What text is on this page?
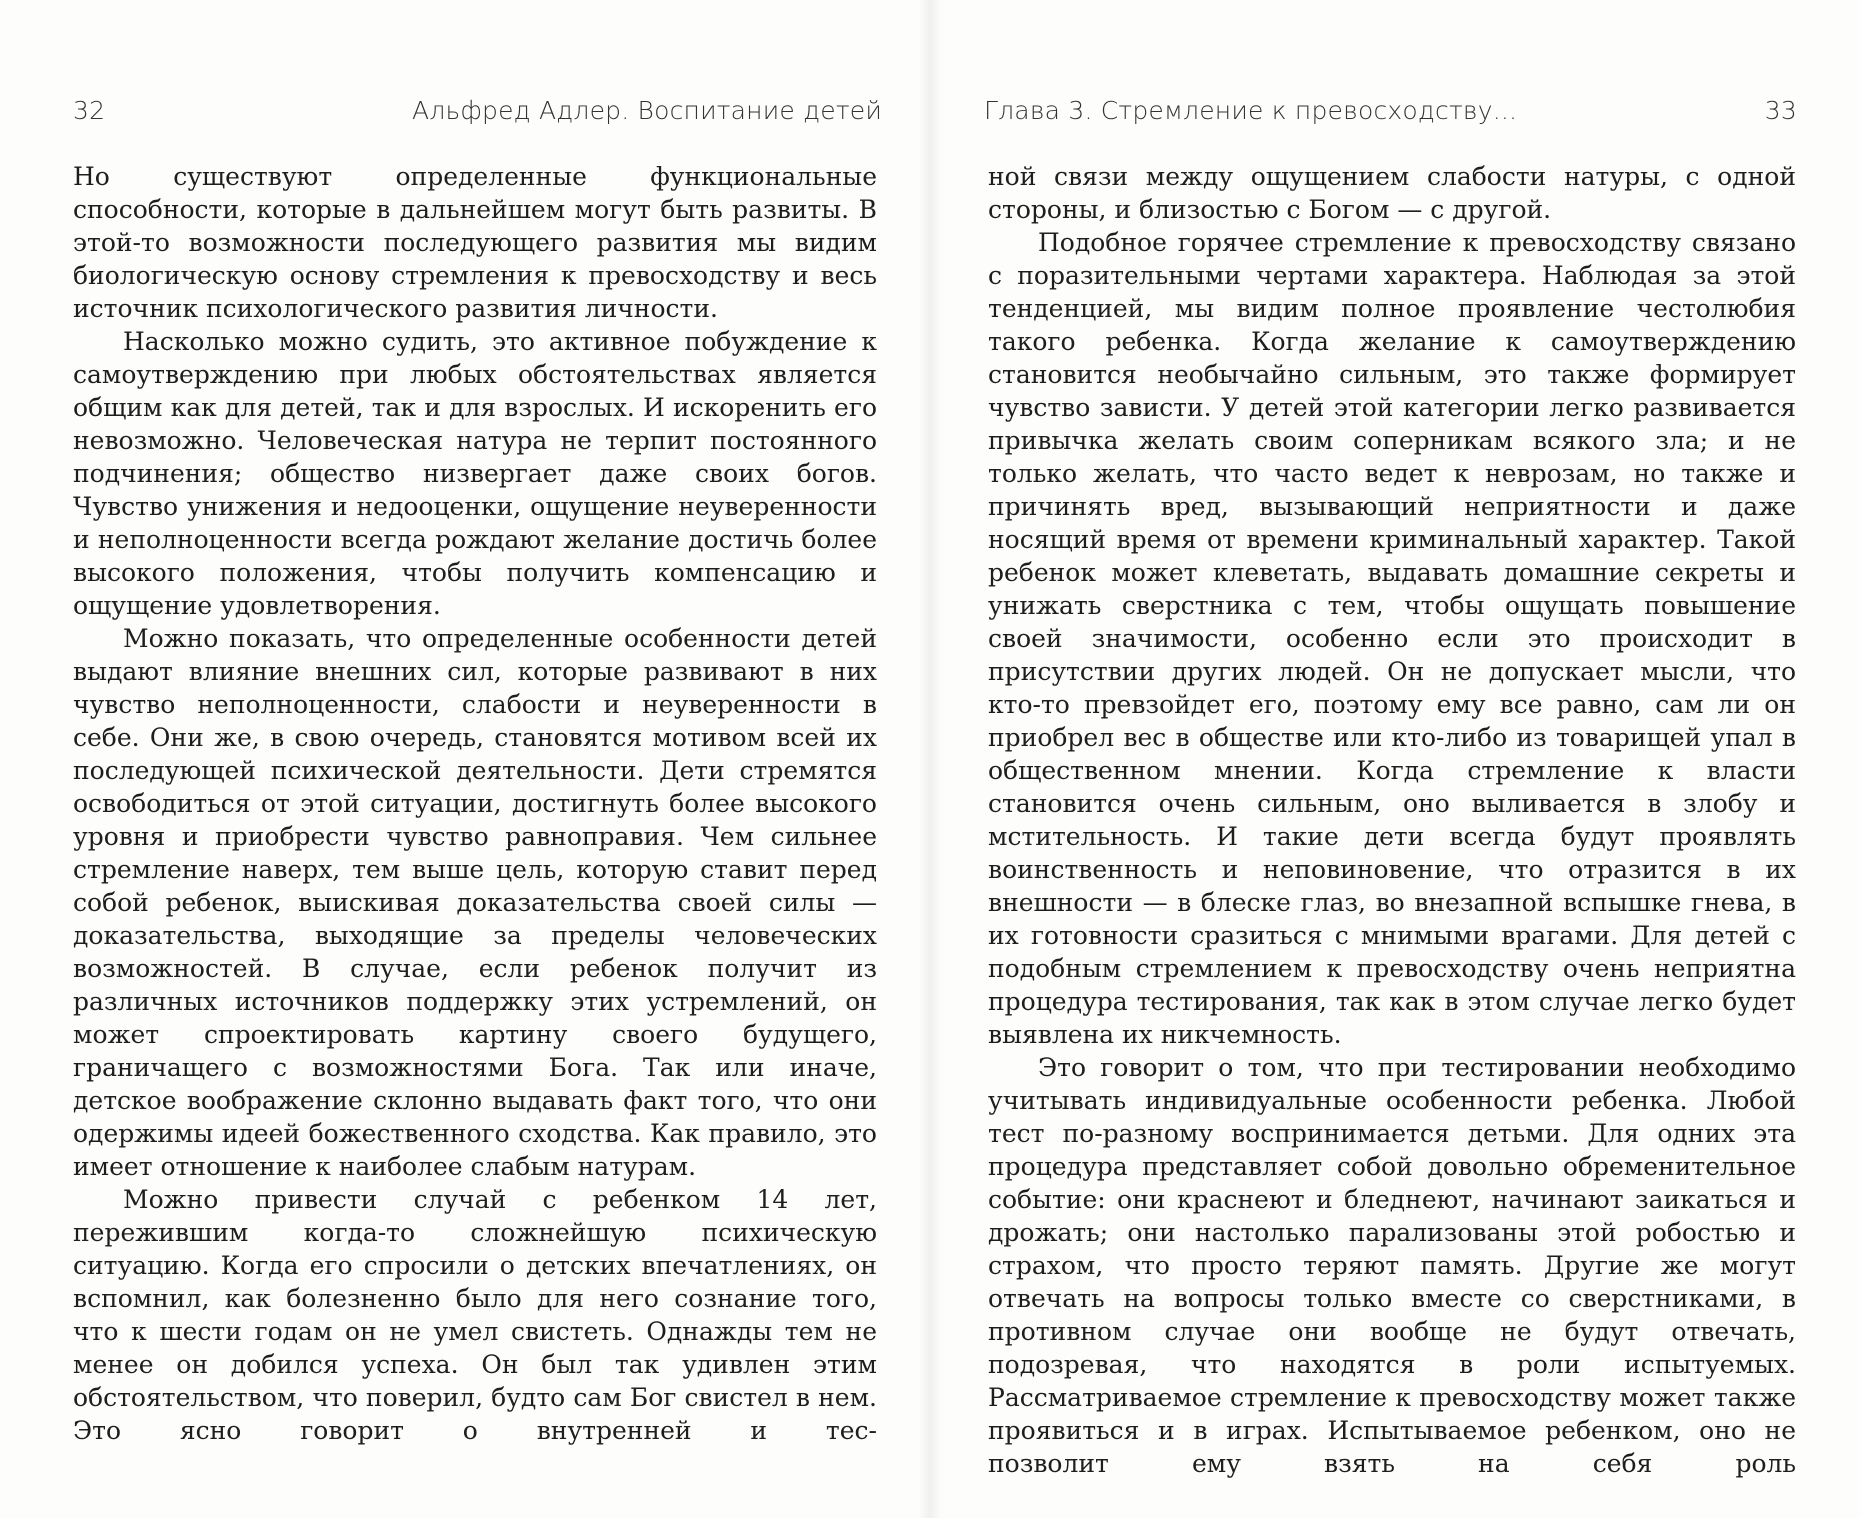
32	Альфред Адлер. Воспитание детей

Но существуют определенные функциональные способности, которые в дальнейшем могут быть развиты. В этой-то возможности последующего развития мы видим биологическую основу стремления к превосходству и весь источник психологического развития личности.

Насколько можно судить, это активное побуждение к самоутверждению при любых обстоятельствах является общим как для детей, так и для взрослых. И искоренить его невозможно. Человеческая натура не терпит постоянного подчинения; общество низвергает даже своих богов. Чувство унижения и недооценки, ощущение неуверенности и неполноценности всегда рождают желание достичь более высокого положения, чтобы получить компенсацию и ощущение удовлетворения.

Можно показать, что определенные особенности детей выдают влияние внешних сил, которые развивают в них чувство неполноценности, слабости и неуверенности в себе. Они же, в свою очередь, становятся мотивом всей их последующей психической деятельности. Дети стремятся освободиться от этой ситуации, достигнуть более высокого уровня и приобрести чувство равноправия. Чем сильнее стремление наверх, тем выше цель, которую ставит перед собой ребенок, выискивая доказательства своей силы — доказательства, выходящие за пределы человеческих возможностей. В случае, если ребенок получит из различных источников поддержку этих устремлений, он может спроектировать картину своего будущего, граничащего с возможностями Бога. Так или иначе, детское воображение склонно выдавать факт того, что они одержимы идеей божественного сходства. Как правило, это имеет отношение к наиболее слабым натурам.

Можно привести случай с ребенком 14 лет, пережившим когда-то сложнейшую психическую ситуацию. Когда его спросили о детских впечатлениях, он вспомнил, как болезненно было для него сознание того, что к шести годам он не умел свистеть. Однажды тем не менее он добился успеха. Он был так удивлен этим обстоятельством, что поверил, будто сам Бог свистел в нем. Это ясно говорит о внутренней и тес-

Глава 3. Стремление к превосходству...	33

ной связи между ощущением слабости натуры, с одной стороны, и близостью с Богом — с другой.

Подобное горячее стремление к превосходству связано с поразительными чертами характера. Наблюдая за этой тенденцией, мы видим полное проявление честолюбия такого ребенка. Когда желание к самоутверждению становится необычайно сильным, это также формирует чувство зависти. У детей этой категории легко развивается привычка желать своим соперникам всякого зла; и не только желать, что часто ведет к неврозам, но также и причинять вред, вызывающий неприятности и даже носящий время от времени криминальный характер. Такой ребенок может клеветать, выдавать домашние секреты и унижать сверстника с тем, чтобы ощущать повышение своей значимости, особенно если это происходит в присутствии других людей. Он не допускает мысли, что кто-то превзойдет его, поэтому ему все равно, сам ли он приобрел вес в обществе или кто-либо из товарищей упал в общественном мнении. Когда стремление к власти становится очень сильным, оно выливается в злобу и мстительность. И такие дети всегда будут проявлять воинственность и неповиновение, что отразится в их внешности — в блеске глаз, во внезапной вспышке гнева, в их готовности сразиться с мнимыми врагами. Для детей с подобным стремлением к превосходству очень неприятна процедура тестирования, так как в этом случае легко будет выявлена их никчемность.

Это говорит о том, что при тестировании необходимо учитывать индивидуальные особенности ребенка. Любой тест по-разному воспринимается детьми. Для одних эта процедура представляет собой довольно обременительное событие: они краснеют и бледнеют, начинают заикаться и дрожать; они настолько парализованы этой робостью и страхом, что просто теряют память. Другие же могут отвечать на вопросы только вместе со сверстниками, в противном случае они вообще не будут отвечать, подозревая, что находятся в роли испытуемых. Рассматриваемое стремление к превосходству может также проявиться и в играх. Испытываемое ребенком, оно не позволит ему взять на себя роль
